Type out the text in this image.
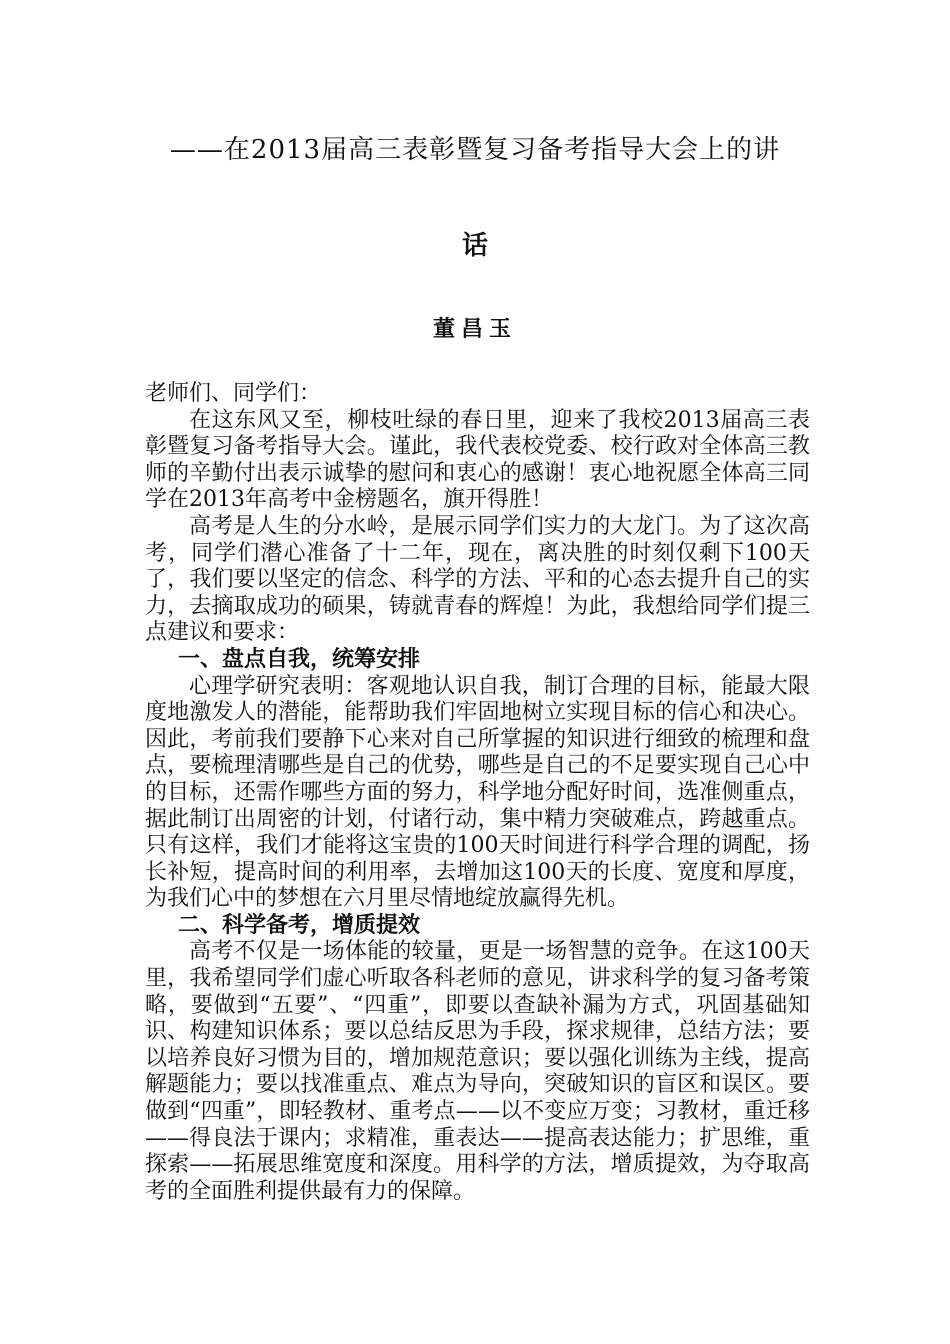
——在2013届高三表彰暨复习备考指导大会上的讲
话
董昌玉

老师们、同学们：

在这东风又至，柳枝吐绿的春日里，迎来了我校2013届高三表彰暨复习备考指导大会。谨此，我代表校党委、校行政对全体高三教师的辛勤付出表示诚挚的慰问和衷心的感谢！衷心地祝愿全体高三同学在2013年高考中金榜题名，旗开得胜！

高考是人生的分水岭，是展示同学们实力的大龙门。为了这次高考，同学们潜心准备了十二年，现在，离决胜的时刻仅剩下100天了，我们要以坚定的信念、科学的方法、平和的心态去提升自己的实力，去摘取成功的硕果，铸就青春的辉煌！为此，我想给同学们提三点建议和要求：

一、盘点自我，统筹安排

心理学研究表明：客观地认识自我，制订合理的目标，能最大限度地激发人的潜能，能帮助我们牢固地树立实现目标的信心和决心。因此，考前我们要静下心来对自己所掌握的知识进行细致的梳理和盘点，要梳理清哪些是自己的优势，哪些是自己的不足要实现自己心中的目标，还需作哪些方面的努力，科学地分配好时间，选准侧重点，据此制订出周密的计划，付诸行动，集中精力突破难点，跨越重点。只有这样，我们才能将这宝贵的100天时间进行科学合理的调配，扬长补短，提高时间的利用率，去增加这100天的长度、宽度和厚度，为我们心中的梦想在六月里尽情地绽放赢得先机。

二、科学备考，增质提效

高考不仅是一场体能的较量，更是一场智慧的竞争。在这100天里，我希望同学们虚心听取各科老师的意见，讲求科学的复习备考策略，要做到“五要”、“四重”，即要以查缺补漏为方式，巩固基础知识、构建知识体系；要以总结反思为手段，探求规律，总结方法；要以培养良好习惯为目的，增加规范意识；要以强化训练为主线，提高解题能力；要以找准重点、难点为导向，突破知识的盲区和误区。要做到“四重”，即轻教材、重考点——以不变应万变；习教材，重迁移——得良法于课内；求精准，重表达——提高表达能力；扩思维，重探索——拓展思维宽度和深度。用科学的方法，增质提效，为夺取高考的全面胜利提供最有力的保障。
